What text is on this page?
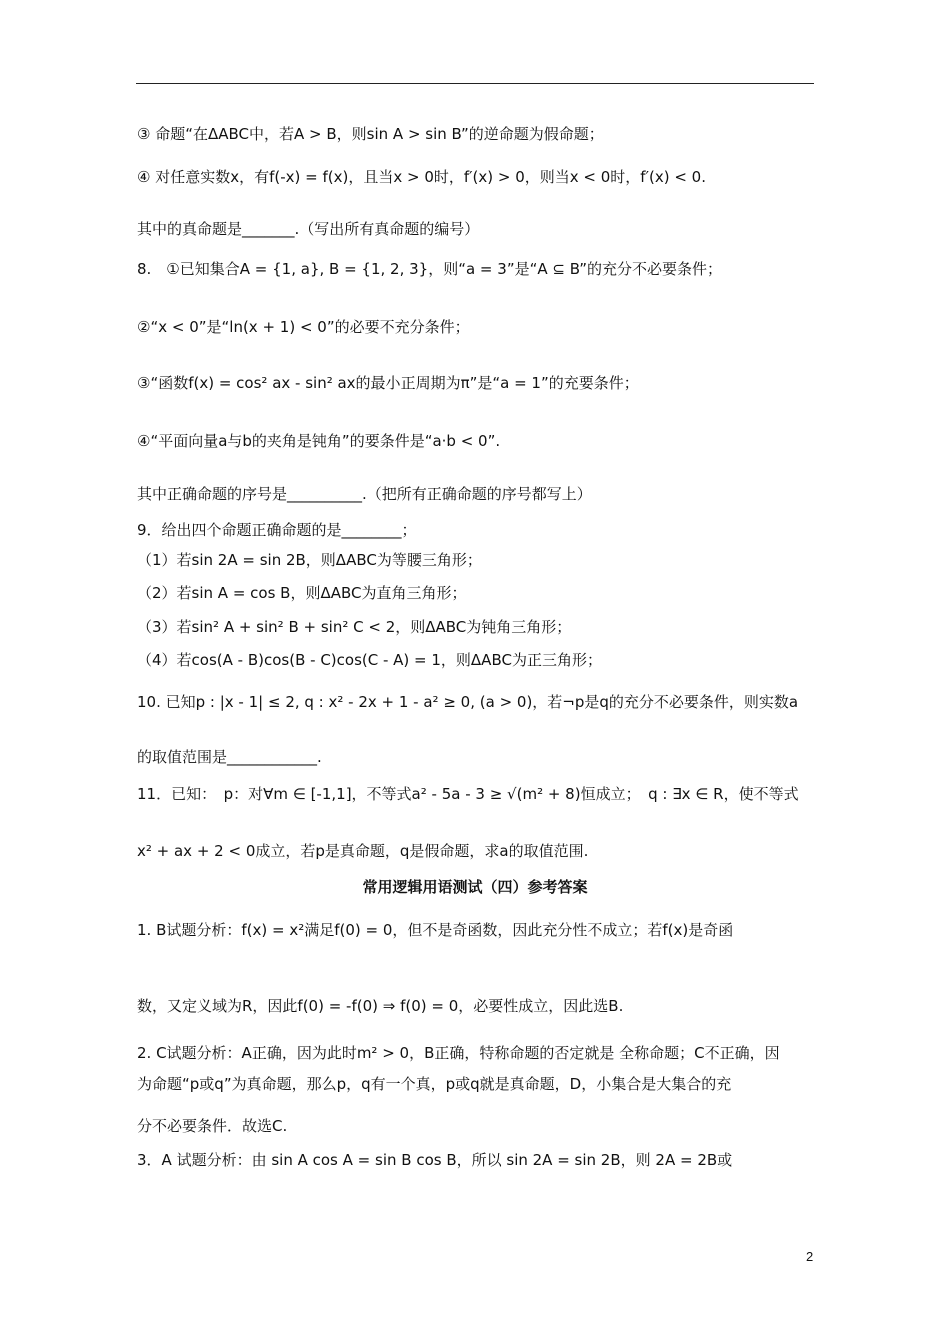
③ 命题“在ΔABC中，若A > B，则sin A > sin B”的逆命题为假命题；
④ 对任意实数x，有f(-x) = f(x)，且当x > 0时，f′(x) > 0，则当x < 0时，f′(x) < 0.
其中的真命题是_______.（写出所有真命题的编号）
8.　①已知集合A = {1, a}, B = {1, 2, 3}，则“a = 3”是“A ⊆ B”的充分不必要条件；
②“x < 0”是“ln(x + 1) < 0”的必要不充分条件；
③“函数f(x) = cos² ax - sin² ax的最小正周期为π”是“a = 1”的充要条件；
④“平面向量a与b的夹角是钝角”的要条件是“a·b < 0”.
其中正确命题的序号是__________.（把所有正确命题的序号都写上）
9．给出四个命题正确命题的是________；
（1）若sin 2A = sin 2B，则ΔABC为等腰三角形；
（2）若sin A = cos B，则ΔABC为直角三角形；
（3）若sin² A + sin² B + sin² C < 2，则ΔABC为钝角三角形；
（4）若cos(A - B)cos(B - C)cos(C - A) = 1，则ΔABC为正三角形；
10. 已知p : |x - 1| ≤ 2, q : x² - 2x + 1 - a² ≥ 0, (a > 0)，若¬p是q的充分不必要条件，则实数a
的取值范围是____________.
11．已知：　p：对∀m ∈ [-1,1]，不等式a² - 5a - 3 ≥ √(m² + 8)恒成立；　q : ∃x ∈ R，使不等式
x² + ax + 2 < 0成立，若p是真命题，q是假命题，求a的取值范围.
常用逻辑用语测试（四）参考答案
1. B试题分析：f(x) = x²满足f(0) = 0，但不是奇函数，因此充分性不成立；若f(x)是奇函
数，又定义域为R，因此f(0) = -f(0) ⇒ f(0) = 0，必要性成立，因此选B.
2. C试题分析：A正确，因为此时m² > 0，B正确，特称命题的否定就是 全称命题；C不正确，因
为命题“p或q”为真命题，那么p，q有一个真，p或q就是真命题，D，小集合是大集合的充
分不必要条件．故选C.
3．A 试题分析：由 sin A cos A = sin B cos B，所以 sin 2A = sin 2B，则 2A = 2B或
2
